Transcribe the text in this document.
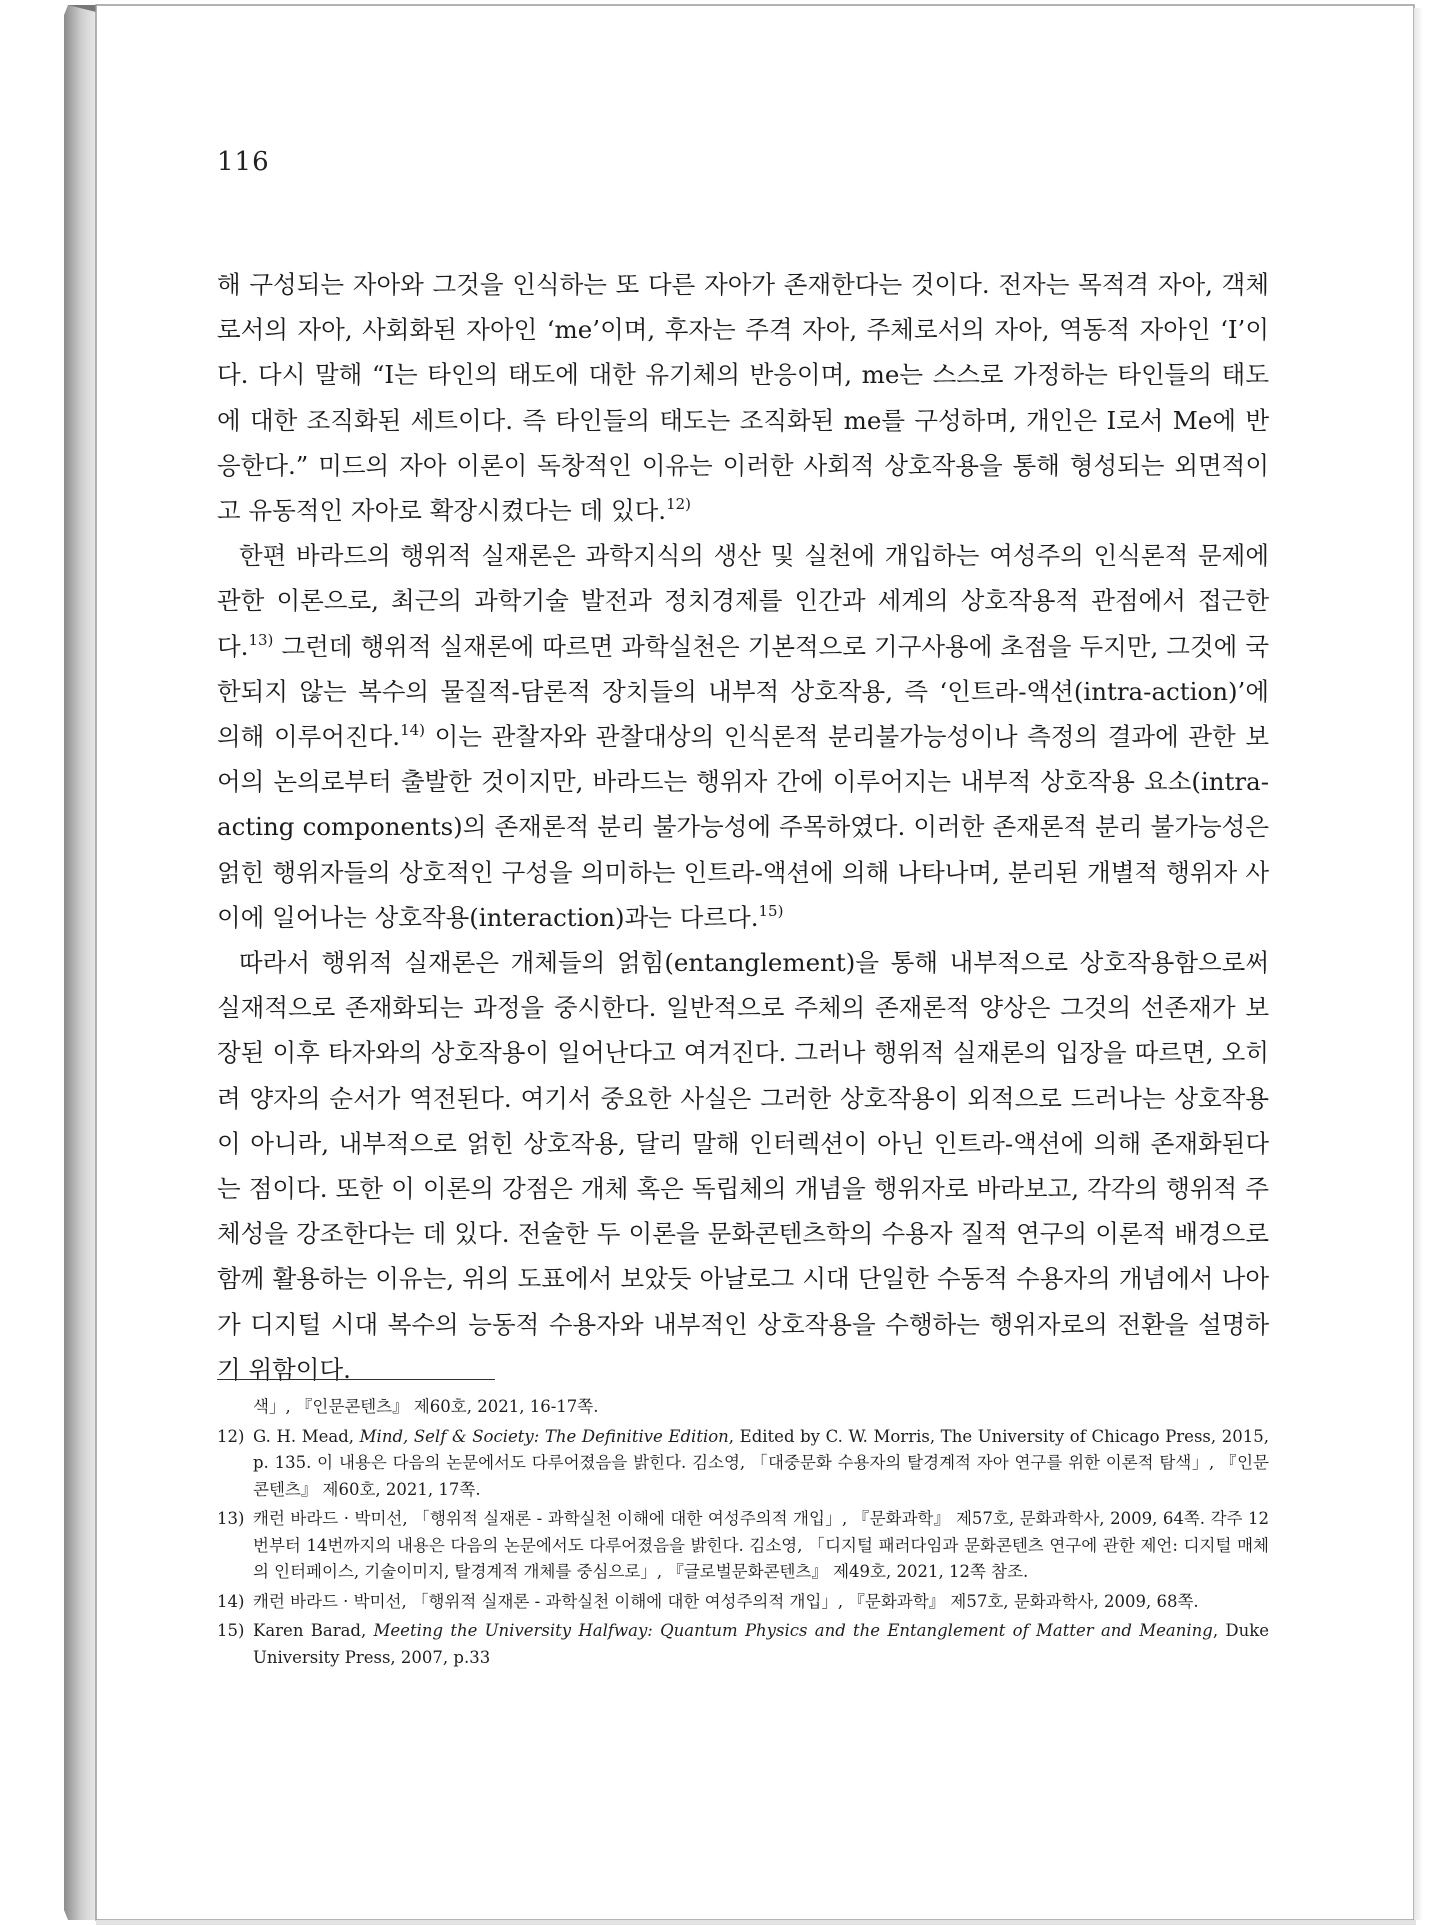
116

해 구성되는 자아와 그것을 인식하는 또 다른 자아가 존재한다는 것이다. 전자는 목적격 자아, 객체로서의 자아, 사회화된 자아인 ‘me’이며, 후자는 주격 자아, 주체로서의 자아, 역동적 자아인 ‘I’이다. 다시 말해 “I는 타인의 태도에 대한 유기체의 반응이며, me는 스스로 가정하는 타인들의 태도에 대한 조직화된 세트이다. 즉 타인들의 태도는 조직화된 me를 구성하며, 개인은 I로서 Me에 반응한다.” 미드의 자아 이론이 독창적인 이유는 이러한 사회적 상호작용을 통해 형성되는 외면적이고 유동적인 자아로 확장시켰다는 데 있다.$^{12)}$

한편 바라드의 행위적 실재론은 과학지식의 생산 및 실천에 개입하는 여성주의 인식론적 문제에 관한 이론으로, 최근의 과학기술 발전과 정치경제를 인간과 세계의 상호작용적 관점에서 접근한다.$^{13)}$ 그런데 행위적 실재론에 따르면 과학실천은 기본적으로 기구사용에 초점을 두지만, 그것에 국한되지 않는 복수의 물질적-담론적 장치들의 내부적 상호작용, 즉 ‘인트라-액션(intra-action)’에 의해 이루어진다.$^{14)}$ 이는 관찰자와 관찰대상의 인식론적 분리불가능성이나 측정의 결과에 관한 보어의 논의로부터 출발한 것이지만, 바라드는 행위자 간에 이루어지는 내부적 상호작용 요소(intra-acting components)의 존재론적 분리 불가능성에 주목하였다. 이러한 존재론적 분리 불가능성은 얽힌 행위자들의 상호적인 구성을 의미하는 인트라-액션에 의해 나타나며, 분리된 개별적 행위자 사이에 일어나는 상호작용(interaction)과는 다르다.$^{15)}$

따라서 행위적 실재론은 개체들의 얽힘(entanglement)을 통해 내부적으로 상호작용함으로써 실재적으로 존재화되는 과정을 중시한다. 일반적으로 주체의 존재론적 양상은 그것의 선존재가 보장된 이후 타자와의 상호작용이 일어난다고 여겨진다. 그러나 행위적 실재론의 입장을 따르면, 오히려 양자의 순서가 역전된다. 여기서 중요한 사실은 그러한 상호작용이 외적으로 드러나는 상호작용이 아니라, 내부적으로 얽힌 상호작용, 달리 말해 인터렉션이 아닌 인트라-액션에 의해 존재화된다는 점이다. 또한 이 이론의 강점은 개체 혹은 독립체의 개념을 행위자로 바라보고, 각각의 행위적 주체성을 강조한다는 데 있다. 전술한 두 이론을 문화콘텐츠학의 수용자 질적 연구의 이론적 배경으로 함께 활용하는 이유는, 위의 도표에서 보았듯 아날로그 시대 단일한 수동적 수용자의 개념에서 나아가 디지털 시대 복수의 능동적 수용자와 내부적인 상호작용을 수행하는 행위자로의 전환을 설명하기 위함이다.

색」, 『인문콘텐츠』 제60호, 2021, 16-17쪽.
12) G. H. Mead, Mind, Self & Society: The Definitive Edition, Edited by C. W. Morris, The University of Chicago Press, 2015, p. 135. 이 내용은 다음의 논문에서도 다루어졌음을 밝힌다. 김소영, 「대중문화 수용자의 탈경계적 자아 연구를 위한 이론적 탐색」, 『인문콘텐츠』 제60호, 2021, 17쪽.
13) 캐런 바라드 · 박미선, 「행위적 실재론 - 과학실천 이해에 대한 여성주의적 개입」, 『문화과학』 제57호, 문화과학사, 2009, 64쪽. 각주 12번부터 14번까지의 내용은 다음의 논문에서도 다루어졌음을 밝힌다. 김소영, 「디지털 패러다임과 문화콘텐츠 연구에 관한 제언: 디지털 매체의 인터페이스, 기술이미지, 탈경계적 개체를 중심으로」, 『글로벌문화콘텐츠』 제49호, 2021, 12쪽 참조.
14) 캐런 바라드 · 박미선, 「행위적 실재론 - 과학실천 이해에 대한 여성주의적 개입」, 『문화과학』 제57호, 문화과학사, 2009, 68쪽.
15) Karen Barad, Meeting the University Halfway: Quantum Physics and the Entanglement of Matter and Meaning, Duke University Press, 2007, p.33
